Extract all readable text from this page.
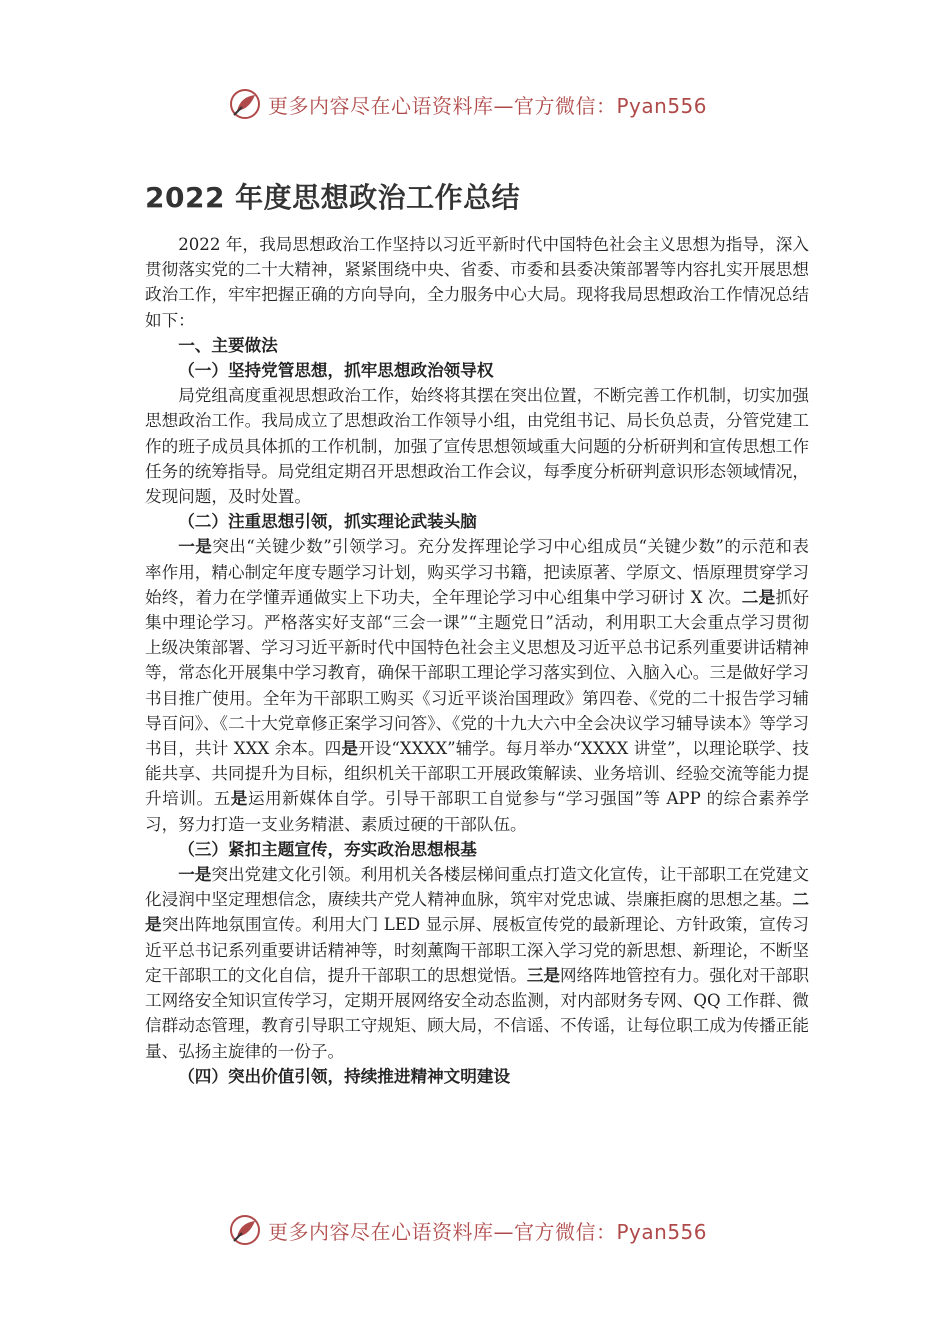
更多内容尽在心语资料库—官方微信：Pyan556
2022 年度思想政治工作总结

2022 年，我局思想政治工作坚持以习近平新时代中国特色社会主义思想为指导，深入贯彻落实党的二十大精神，紧紧围绕中央、省委、市委和县委决策部署等内容扎实开展思想政治工作，牢牢把握正确的方向导向，全力服务中心大局。现将我局思想政治工作情况总结如下：

一、主要做法

（一）坚持党管思想，抓牢思想政治领导权

局党组高度重视思想政治工作，始终将其摆在突出位置，不断完善工作机制，切实加强思想政治工作。我局成立了思想政治工作领导小组，由党组书记、局长负总责，分管党建工作的班子成员具体抓的工作机制，加强了宣传思想领域重大问题的分析研判和宣传思想工作任务的统筹指导。局党组定期召开思想政治工作会议，每季度分析研判意识形态领域情况，发现问题，及时处置。

（二）注重思想引领，抓实理论武装头脑

一是突出“关键少数”引领学习。充分发挥理论学习中心组成员“关键少数”的示范和表率作用，精心制定年度专题学习计划，购买学习书籍，把读原著、学原文、悟原理贯穿学习始终，着力在学懂弄通做实上下功夫，全年理论学习中心组集中学习研讨 X 次。二是抓好集中理论学习。严格落实好支部“三会一课”“主题党日”活动，利用职工大会重点学习贯彻上级决策部署、学习习近平新时代中国特色社会主义思想及习近平总书记系列重要讲话精神等，常态化开展集中学习教育，确保干部职工理论学习落实到位、入脑入心。三是做好学习书目推广使用。全年为干部职工购买《习近平谈治国理政》第四卷、《党的二十报告学习辅导百问》、《二十大党章修正案学习问答》、《党的十九大六中全会决议学习辅导读本》等学习书目，共计 XXX 余本。四是开设“XXXX”辅学。每月举办“XXXX 讲堂”，以理论联学、技能共享、共同提升为目标，组织机关干部职工开展政策解读、业务培训、经验交流等能力提升培训。五是运用新媒体自学。引导干部职工自觉参与“学习强国”等 APP 的综合素养学习，努力打造一支业务精湛、素质过硬的干部队伍。

（三）紧扣主题宣传，夯实政治思想根基

一是突出党建文化引领。利用机关各楼层梯间重点打造文化宣传，让干部职工在党建文化浸润中坚定理想信念，赓续共产党人精神血脉，筑牢对党忠诚、崇廉拒腐的思想之基。二是突出阵地氛围宣传。利用大门 LED 显示屏、展板宣传党的最新理论、方针政策，宣传习近平总书记系列重要讲话精神等，时刻薰陶干部职工深入学习党的新思想、新理论，不断坚定干部职工的文化自信，提升干部职工的思想觉悟。三是网络阵地管控有力。强化对干部职工网络安全知识宣传学习，定期开展网络安全动态监测，对内部财务专网、QQ 工作群、微信群动态管理，教育引导职工守规矩、顾大局，不信谣、不传谣，让每位职工成为传播正能量、弘扬主旋律的一份子。

（四）突出价值引领，持续推进精神文明建设

更多内容尽在心语资料库—官方微信：Pyan556
